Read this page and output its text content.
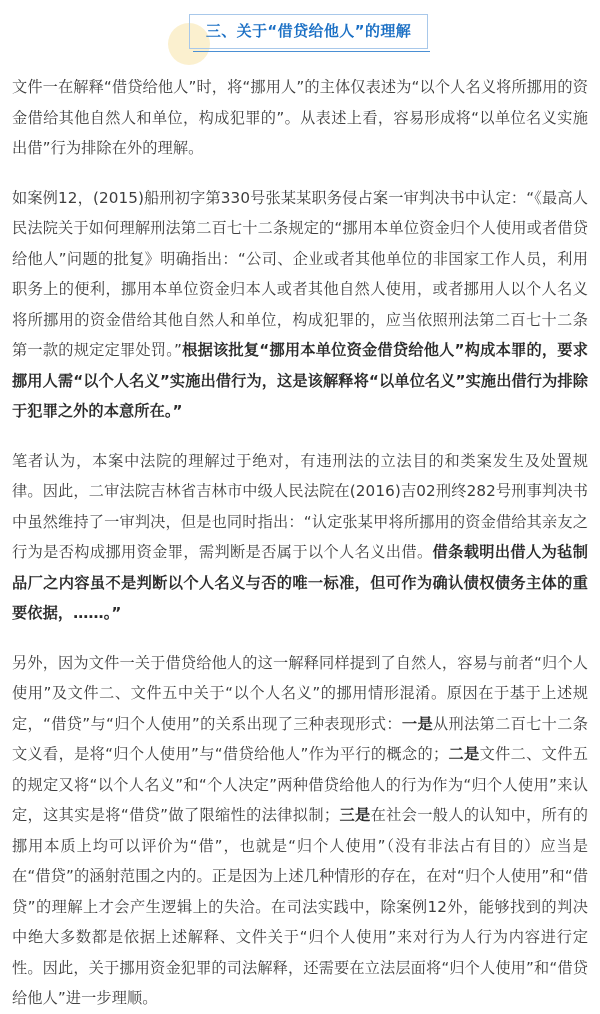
三、关于“借贷给他人”的理解

文件一在解释“借贷给他人”时，将“挪用人”的主体仅表述为“以个人名义将所挪用的资金借给其他自然人和单位，构成犯罪的”。从表述上看，容易形成将“以单位名义实施出借”行为排除在外的理解。

如案例12，(2015)船刑初字第330号张某某职务侵占案一审判决书中认定：“《最高人民法院关于如何理解刑法第二百七十二条规定的“挪用本单位资金归个人使用或者借贷给他人”问题的批复》明确指出：“公司、企业或者其他单位的非国家工作人员，利用职务上的便利，挪用本单位资金归本人或者其他自然人使用，或者挪用人以个人名义将所挪用的资金借给其他自然人和单位，构成犯罪的，应当依照刑法第二百七十二条第一款的规定定罪处罚。”根据该批复“挪用本单位资金借贷给他人”构成本罪的，要求挪用人需“以个人名义”实施出借行为，这是该解释将“以单位名义”实施出借行为排除于犯罪之外的本意所在。”

笔者认为，本案中法院的理解过于绝对，有违刑法的立法目的和类案发生及处置规律。因此，二审法院吉林省吉林市中级人民法院在(2016)吉02刑终282号刑事判决书中虽然维持了一审判决，但是也同时指出：“认定张某甲将所挪用的资金借给其亲友之行为是否构成挪用资金罪，需判断是否属于以个人名义出借。借条载明出借人为毡制品厂之内容虽不是判断以个人名义与否的唯一标准，但可作为确认债权债务主体的重要依据，……。”

另外，因为文件一关于借贷给他人的这一解释同样提到了自然人，容易与前者“归个人使用”及文件二、文件五中关于“以个人名义”的挪用情形混淆。原因在于基于上述规定，“借贷”与“归个人使用”的关系出现了三种表现形式：一是从刑法第二百七十二条文义看，是将“归个人使用”与“借贷给他人”作为平行的概念的；二是文件二、文件五的规定又将“以个人名义”和“个人决定”两种借贷给他人的行为作为“归个人使用”来认定，这其实是将“借贷”做了限缩性的法律拟制；三是在社会一般人的认知中，所有的挪用本质上均可以评价为“借”，也就是“归个人使用”（没有非法占有目的）应当是在“借贷”的涵射范围之内的。正是因为上述几种情形的存在，在对“归个人使用”和“借贷”的理解上才会产生逻辑上的失洽。在司法实践中，除案例12外，能够找到的判决中绝大多数都是依据上述解释、文件关于“归个人使用”来对行为人行为内容进行定性。因此，关于挪用资金犯罪的司法解释，还需要在立法层面将“归个人使用”和“借贷给他人”进一步理顺。
